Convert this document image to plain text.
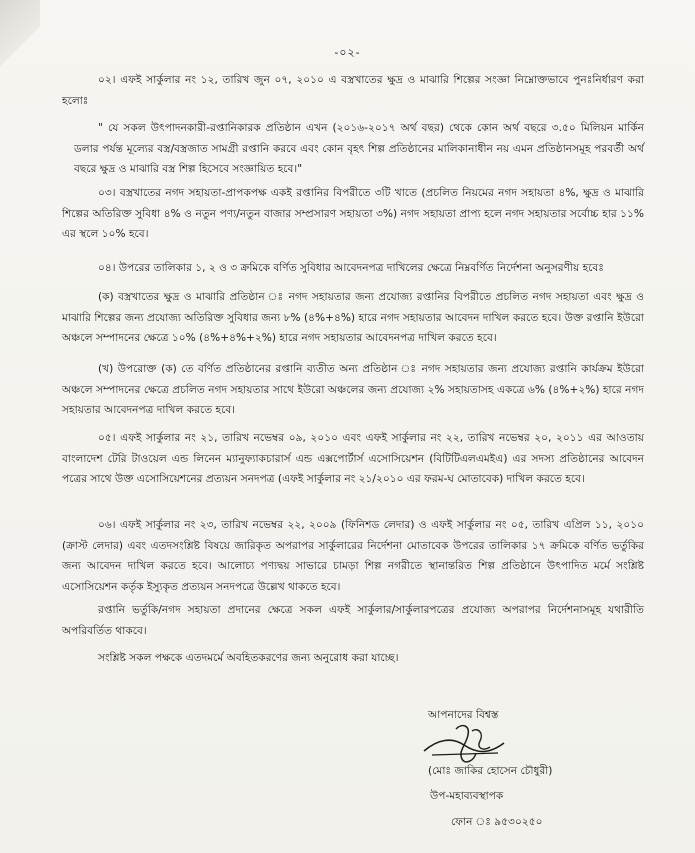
-০২-

০২। এফই সার্কুলার নং ১২, তারিখ জুন ০৭, ২০১০ এ বস্ত্রখাতের ক্ষুদ্র ও মাঝারি শিল্পের সংজ্ঞা নিম্নোক্তভাবে পুনঃনির্ধারণ করা হলোঃ

" যে সকল উৎপাদনকারী-রপ্তানিকারক প্রতিষ্ঠান এখন (২০১৬-২০১৭ অর্থ বছর) থেকে কোন অর্থ বছরে ৩.৫০ মিলিয়ন মার্কিন ডলার পর্যন্ত মূল্যের বস্ত্র/বস্ত্রজাত সামগ্রী রপ্তানি করবে এবং কোন বৃহৎ শিল্প প্রতিষ্ঠানের মালিকানাধীন নয় এমন প্রতিষ্ঠানসমূহ পরবর্তী অর্থ বছরে ক্ষুদ্র ও মাঝারি বস্ত্র শিল্প হিসেবে সংজ্ঞায়িত হবে।"

০৩। বস্ত্রখাতের নগদ সহায়তা-প্রাপকপক্ষ একই রপ্তানির বিপরীতে ৩টি খাতে (প্রচলিত নিয়মের নগদ সহায়তা ৪%, ক্ষুদ্র ও মাঝারি শিল্পের অতিরিক্ত সুবিধা ৪% ও নতুন পণ্য/নতুন বাজার সম্প্রসারণ সহায়তা ৩%) নগদ সহায়তা প্রাপ্য হলে নগদ সহায়তার সর্বোচ্চ হার ১১% এর স্থলে ১০% হবে।

০৪। উপরের তালিকার ১, ২ ও ৩ ক্রমিকে বর্ণিত সুবিধার আবেদনপত্র দাখিলের ক্ষেত্রে নিম্নবর্ণিত নির্দেশনা অনুসরণীয় হবেঃ

(ক) বস্ত্রখাতের ক্ষুদ্র ও মাঝারি প্রতিষ্ঠান ঃ নগদ সহায়তার জন্য প্রযোজ্য রপ্তানির বিপরীতে প্রচলিত নগদ সহায়তা এবং ক্ষুদ্র ও মাঝারি শিল্পের জন্য প্রযোজ্য অতিরিক্ত সুবিধার জন্য ৮% (৪%+৪%) হারে নগদ সহায়তার আবেদন দাখিল করতে হবে। উক্ত রপ্তানি ইউরো অঞ্চলে সম্পাদনের ক্ষেত্রে ১০% (৪%+৪%+২%) হারে নগদ সহায়তার আবেদনপত্র দাখিল করতে হবে।

(খ) উপরোক্ত (ক) তে বর্ণিত প্রতিষ্ঠানের রপ্তানি ব্যতীত অন্য প্রতিষ্ঠান ঃ নগদ সহায়তার জন্য প্রযোজ্য রপ্তানি কার্যক্রম ইউরো অঞ্চলে সম্পাদনের ক্ষেত্রে প্রচলিত নগদ সহায়তার সাথে ইউরো অঞ্চলের জন্য প্রযোজ্য ২% সহায়তাসহ একত্রে ৬% (৪%+২%) হারে নগদ সহায়তার আবেদনপত্র দাখিল করতে হবে।

০৫। এফই সার্কুলার নং ২১, তারিখ নভেম্বর ০৯, ২০১০ এবং এফই সার্কুলার নং ২২, তারিখ নভেম্বর ২০, ২০১১ এর আওতায় বাংলাদেশ টেরি টাওয়েল এন্ড লিনেন ম্যানুফ্যাকচারার্স এন্ড এক্সপোর্টার্স এসোসিয়েশন (বিটিটিএলএমইএ) এর সদস্য প্রতিষ্ঠানের আবেদন পত্রের সাথে উক্ত এসোসিয়েশনের প্রত্যয়ন সনদপত্র (এফই সার্কুলার নং ২১/২০১০ এর ফরম-ঘ মোতাবেক) দাখিল করতে হবে।

০৬। এফই সার্কুলার নং ২৩, তারিখ নভেম্বর ২২, ২০০৯ (ফিনিশড লেদার) ও এফই সার্কুলার নং ০৫, তারিখ এপ্রিল ১১, ২০১০ (ক্রাস্ট লেদার) এবং এতদসংশ্লিষ্ট বিষয়ে জারিকৃত অপরাপর সার্কুলারের নির্দেশনা মোতাবেক উপরের তালিকার ১৭ ক্রমিকে বর্ণিত ভর্তুকির জন্য আবেদন দাখিল করতে হবে। আলোচ্য পণ্যদ্বয় সাভারে চামড়া শিল্প নগরীতে স্থানান্তরিত শিল্প প্রতিষ্ঠানে উৎপাদিত মর্মে সংশ্লিষ্ট এসোসিয়েশন কর্তৃক ইস্যুকৃত প্রত্যয়ন সনদপত্রে উল্লেখ থাকতে হবে।

রপ্তানি ভর্তুকি/নগদ সহায়তা প্রদানের ক্ষেত্রে সকল এফই সার্কুলার/সার্কুলারপত্রের প্রযোজ্য অপরাপর নির্দেশনাসমূহ যথারীতি অপরিবর্তিত থাকবে।

সংশ্লিষ্ট সকল পক্ষকে এতদমর্মে অবহিতকরণের জন্য অনুরোধ করা যাচ্ছে।

আপনাদের বিশ্বস্ত
(মোঃ জাকির হোসেন চৌধুরী)
উপ-মহাব্যবস্থাপক
ফোন ঃ ৯৫৩০২৫০
